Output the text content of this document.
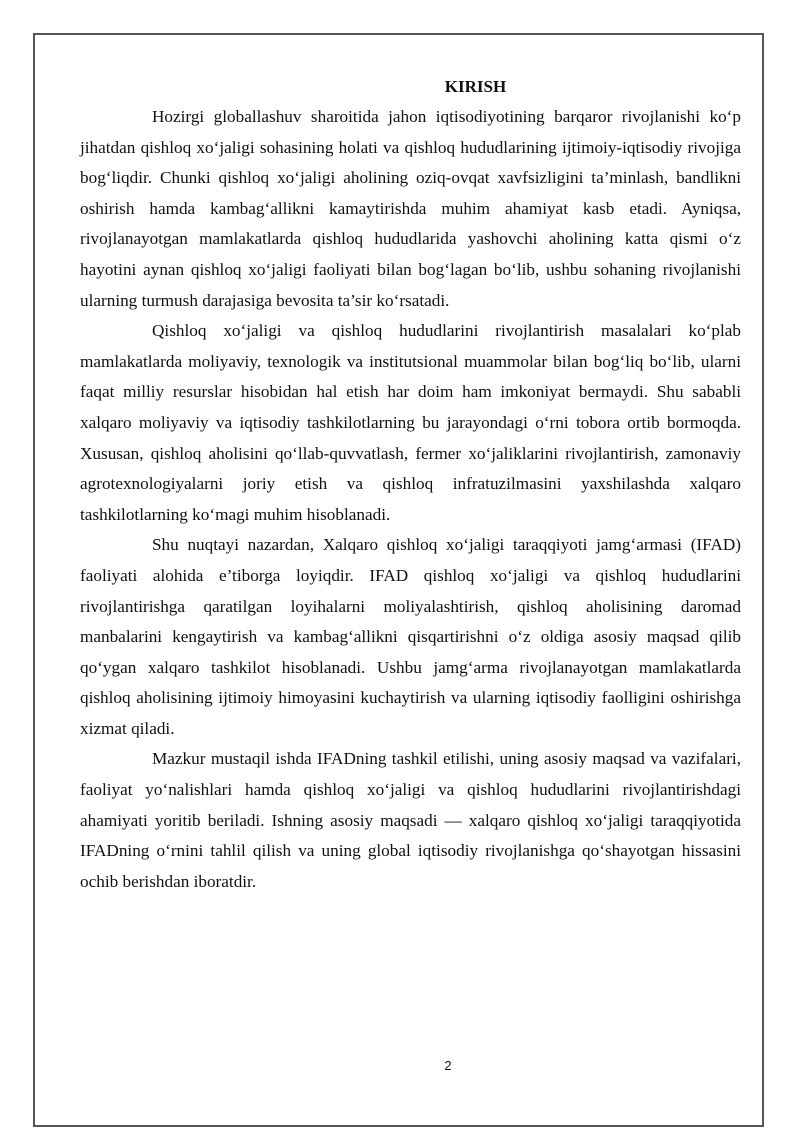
KIRISH

Hozirgi globallashuv sharoitida jahon iqtisodiyotining barqaror rivojlanishi ko‘p jihatdan qishloq xo‘jaligi sohasining holati va qishloq hududlarining ijtimoiy-iqtisodiy rivojiga bog‘liqdir. Chunki qishloq xo‘jaligi aholining oziq-ovqat xavfsizligini ta’minlash, bandlikni oshirish hamda kambag‘allikni kamaytirishda muhim ahamiyat kasb etadi. Ayniqsa, rivojlanayotgan mamlakatlarda qishloq hududlarida yashovchi aholining katta qismi o‘z hayotini aynan qishloq xo‘jaligi faoliyati bilan bog‘lagan bo‘lib, ushbu sohaning rivojlanishi ularning turmush darajasiga bevosita ta’sir ko‘rsatadi.

Qishloq xo‘jaligi va qishloq hududlarini rivojlantirish masalalari ko‘plab mamlakatlarda moliyaviy, texnologik va institutsional muammolar bilan bog‘liq bo‘lib, ularni faqat milliy resurslar hisobidan hal etish har doim ham imkoniyat bermaydi. Shu sababli xalqaro moliyaviy va iqtisodiy tashkilotlarning bu jarayondagi o‘rni tobora ortib bormoqda. Xususan, qishloq aholisini qo‘llab-quvvatlash, fermer xo‘jaliklarini rivojlantirish, zamonaviy agrotexnologiyalarni joriy etish va qishloq infratuzilmasini yaxshilashda xalqaro tashkilotlarning ko‘magi muhim hisoblanadi.

Shu nuqtayi nazardan, Xalqaro qishloq xo‘jaligi taraqqiyoti jamg‘armasi (IFAD) faoliyati alohida e’tiborga loyiqdir. IFAD qishloq xo‘jaligi va qishloq hududlarini rivojlantirishga qaratilgan loyihalarni moliyalashtirish, qishloq aholisining daromad manbalarini kengaytirish va kambag‘allikni qisqartirishni o‘z oldiga asosiy maqsad qilib qo‘ygan xalqaro tashkilot hisoblanadi. Ushbu jamg‘arma rivojlanayotgan mamlakatlarda qishloq aholisining ijtimoiy himoyasini kuchaytirish va ularning iqtisodiy faolligini oshirishga xizmat qiladi.

Mazkur mustaqil ishda IFADning tashkil etilishi, uning asosiy maqsad va vazifalari, faoliyat yo‘nalishlari hamda qishloq xo‘jaligi va qishloq hududlarini rivojlantirishdagi ahamiyati yoritib beriladi. Ishning asosiy maqsadi — xalqaro qishloq xo‘jaligi taraqqiyotida IFADning o‘rnini tahlil qilish va uning global iqtisodiy rivojlanishga qo‘shayotgan hissasini ochib berishdan iboratdir.

2
